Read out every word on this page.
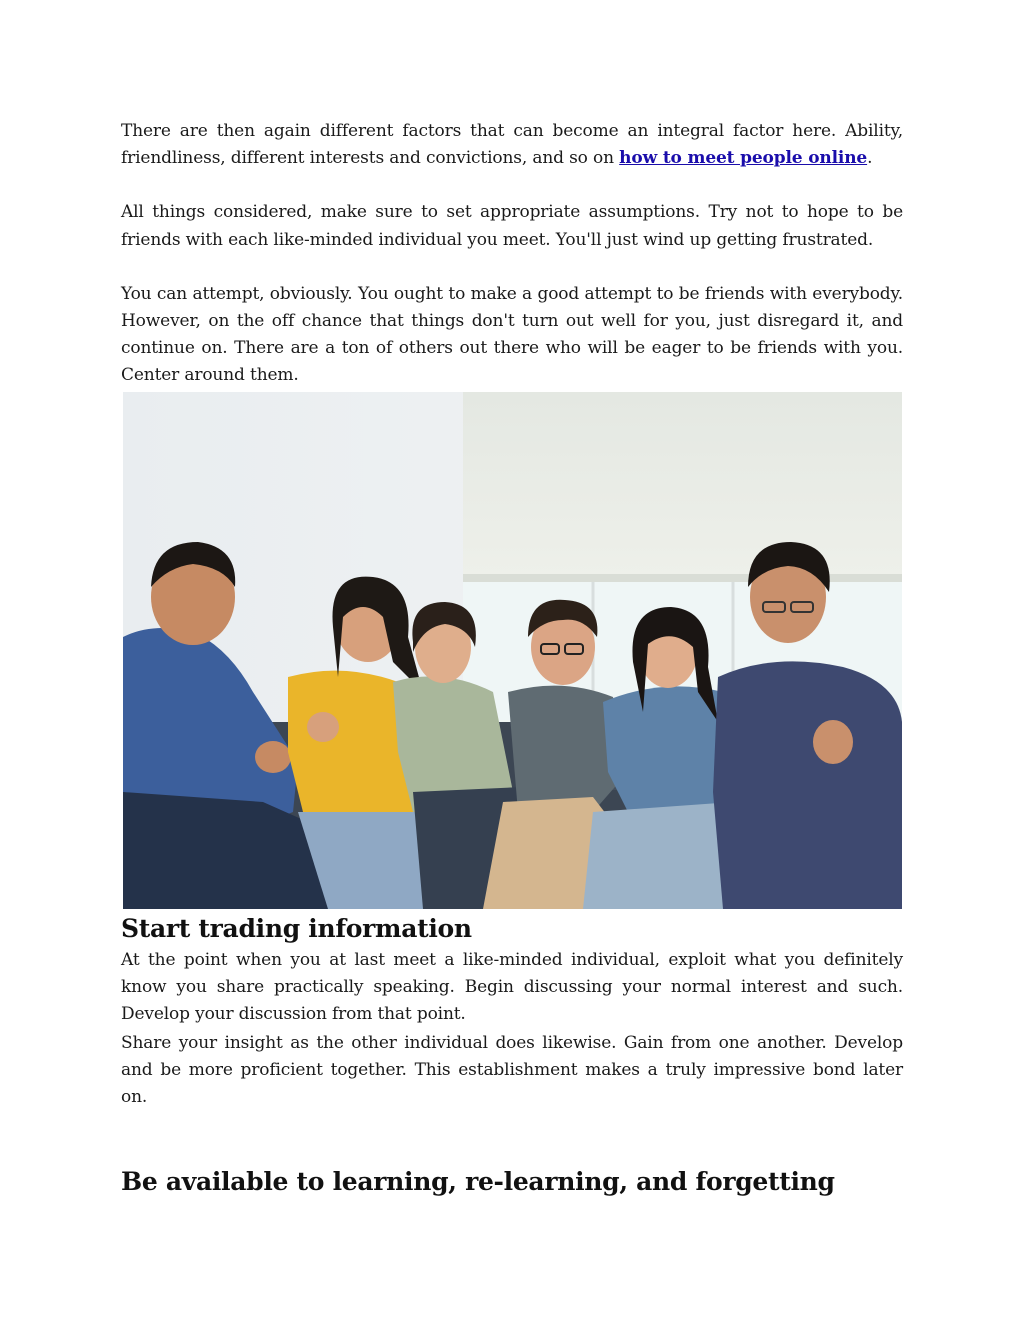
There are then again different factors that can become an integral factor here. Ability, friendliness, different interests and convictions, and so on how to meet people online.

All things considered, make sure to set appropriate assumptions. Try not to hope to be friends with each like-minded individual you meet. You'll just wind up getting frustrated.

You can attempt, obviously. You ought to make a good attempt to be friends with everybody. However, on the off chance that things don't turn out well for you, just disregard it, and continue on. There are a ton of others out there who will be eager to be friends with you. Center around them.

Start trading information

At the point when you at last meet a like-minded individual, exploit what you definitely know you share practically speaking. Begin discussing your normal interest and such. Develop your discussion from that point.

Share your insight as the other individual does likewise. Gain from one another. Develop and be more proficient together. This establishment makes a truly impressive bond later on.

Be available to learning, re-learning, and forgetting
